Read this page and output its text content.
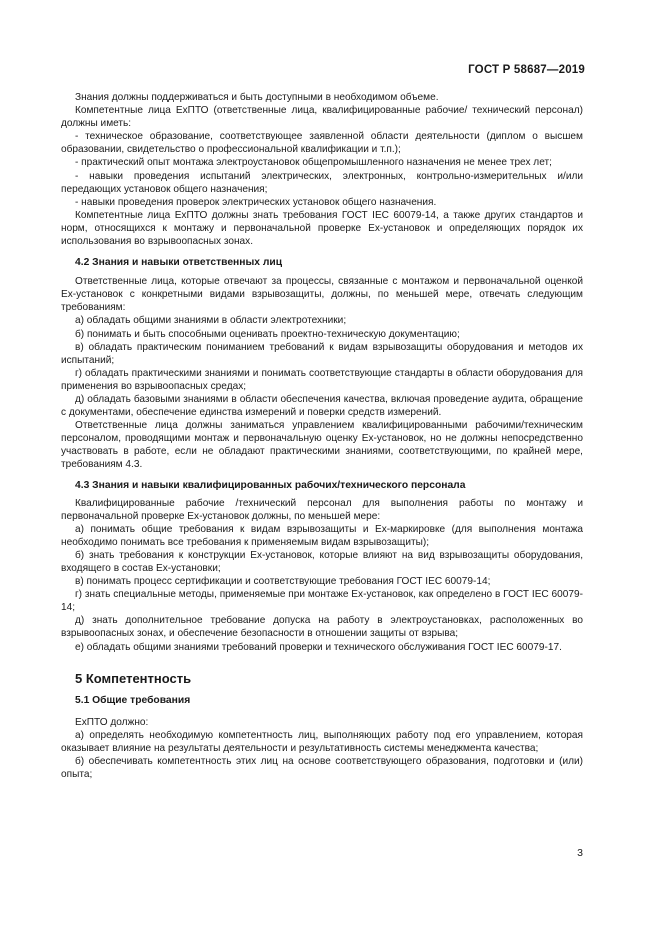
ГОСТ Р 58687—2019

Знания должны поддерживаться и быть доступными в необходимом объеме.

Компетентные лица ExПТО (ответственные лица, квалифицированные рабочие/ технический персонал) должны иметь:

- техническое образование, соответствующее заявленной области деятельности (диплом о высшем образовании, свидетельство о профессиональной квалификации и т.п.);

- практический опыт монтажа электроустановок общепромышленного назначения не менее трех лет;

- навыки проведения испытаний электрических, электронных, контрольно-измерительных и/или передающих установок общего назначения;

- навыки проведения проверок электрических установок общего назначения.

Компетентные лица ExПТО должны знать требования ГОСТ IEC 60079-14, а также других стандартов и норм, относящихся к монтажу и первоначальной проверке Ex-установок и определяющих порядок их использования во взрывоопасных зонах.

4.2 Знания и навыки ответственных лиц

Ответственные лица, которые отвечают за процессы, связанные с монтажом и первоначальной оценкой Ex-установок с конкретными видами взрывозащиты, должны, по меньшей мере, отвечать следующим требованиям:

а) обладать общими знаниями в области электротехники;

б) понимать и быть способными оценивать проектно-техническую документацию;

в) обладать практическим пониманием требований к видам взрывозащиты оборудования и методов их испытаний;

г) обладать практическими знаниями и понимать соответствующие стандарты в области оборудования для применения во взрывоопасных средах;

д) обладать базовыми знаниями в области обеспечения качества, включая проведение аудита, обращение с документами, обеспечение единства измерений и поверки средств измерений.

Ответственные лица должны заниматься управлением квалифицированными рабочими/техническим персоналом, проводящими монтаж и первоначальную оценку Ex-установок, но не должны непосредственно участвовать в работе, если не обладают практическими знаниями, соответствующими, по крайней мере, требованиям 4.3.

4.3 Знания и навыки квалифицированных рабочих/технического персонала

Квалифицированные рабочие /технический персонал для выполнения работы по монтажу и первоначальной проверке Ex-установок должны, по меньшей мере:

а) понимать общие требования к видам взрывозащиты и Ex-маркировке (для выполнения монтажа необходимо понимать все требования к применяемым видам взрывозащиты);

б) знать требования к конструкции Ex-установок, которые влияют на вид взрывозащиты оборудования, входящего в состав Ex-установки;

в) понимать процесс сертификации и соответствующие требования ГОСТ IEC 60079-14;

г) знать специальные методы, применяемые при монтаже Ex-установок, как определено в ГОСТ IEC 60079-14;

д) знать дополнительное требование допуска на работу в электроустановках, расположенных во взрывоопасных зонах, и обеспечение безопасности в отношении защиты от взрыва;

е) обладать общими знаниями требований проверки и технического обслуживания ГОСТ IEC 60079-17.

5 Компетентность
5.1 Общие требования

ExПТО должно:

а) определять необходимую компетентность лиц, выполняющих работу под его управлением, которая оказывает влияние на результаты деятельности и результативность системы менеджмента качества;

б) обеспечивать компетентность этих лиц на основе соответствующего образования, подготовки и (или) опыта;

3
